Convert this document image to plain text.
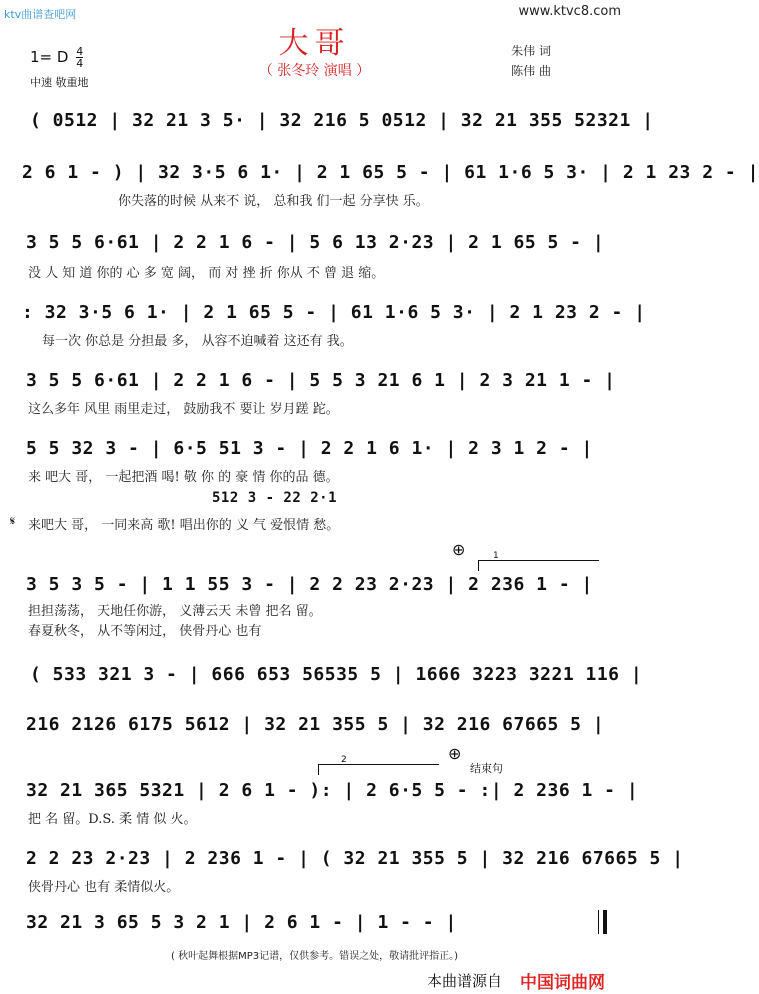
ktv曲谱查吧网	www.ktvc8.com
大哥
（ 张冬玲 演唱 ）
朱伟 词
陈伟 曲
1= D $\frac{4}{4}$
中速 敬重地
( 0512 | 32 21 3 5· | 32 216 5 0512 | 32 21 355 52321 |
2 6 1 - ) | 32 3·5 6 1· | 2 1 65 5 - | 61 1·6 5 3· | 2 1 23 2 - |
你失落的时候 从来不 说， 总和我 们一起 分享快 乐。
3 5 5 6·61 | 2 2 1 6 - | 5 6 13 2·23 | 2 1 65 5 - |
没 人 知 道 你的 心 多 宽 阔， 而 对 挫 折 你从 不 曾 退 缩。
: 32 3·5 6 1· | 2 1 65 5 - | 61 1·6 5 3· | 2 1 23 2 - |
每一次 你总是 分担最 多， 从容不迫喊着 这还有 我。
3 5 5 6·61 | 2 2 1 6 - | 5 5 3 21 6 1 | 2 3 21 1 - |
这么多年 风里 雨里走过， 鼓励我不 要让 岁月蹉 跎。
5 5 32 3 - | 6·5 51 3 - | 2 2 1 6 1· | 2 3 1 2 - |
来 吧大 哥， 一起把酒 喝! 敬 你 的 豪 情 你的品 德。
512 3 - 22 2·1
𝄋 来吧大 哥， 一同来高 歌! 唱出你的 义 气 爱恨情 愁。
⊕	1
3 5 3 5 - | 1 1 55 3 - | 2 2 23 2·23 | 2 236 1 - |
担担荡荡， 天地任你游， 义薄云天 未曾 把名 留。
春夏秋冬， 从不等闲过， 侠骨丹心 也有
( 533 321 3 - | 666 653 56535 5 | 1666 3223 3221 116 |
216 2126 6175 5612 | 32 21 355 5 | 32 216 67665 5 |
2	⊕
结束句
32 21 365 5321 | 2 6 1 - ): | 2 6·5 5 - :| 2 236 1 - |
把 名 留。D.S. 柔 情 似 火。
2 2 23 2·23 | 2 236 1 - | ( 32 21 355 5 | 32 216 67665 5 |
侠骨丹心 也有 柔情似火。
32 21 3 65 5 3 2 1 | 2 6 1 - | 1 - - |
( 秋叶起舞根据MP3记谱，仅供参考。错误之处，敬请批评指正。)
本曲谱源自 中国词曲网
